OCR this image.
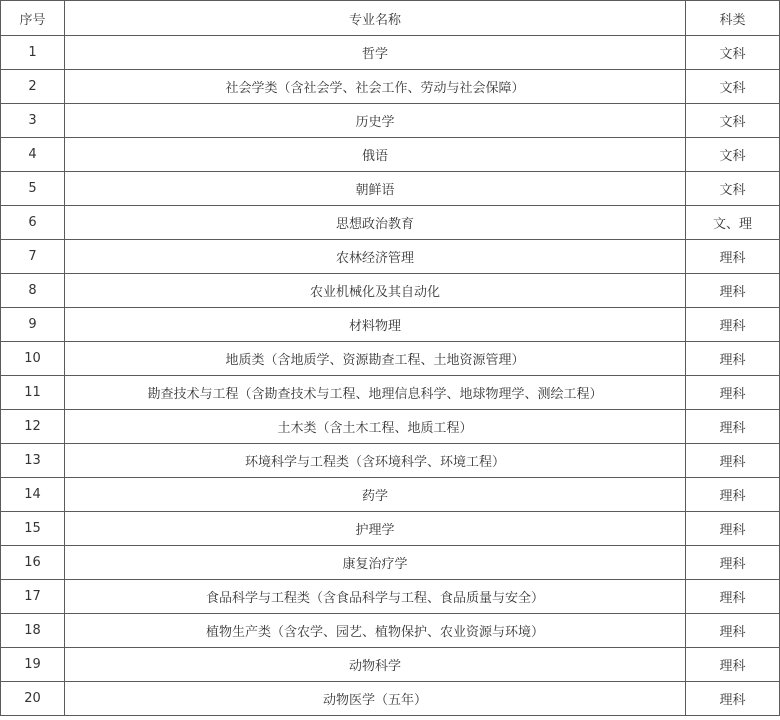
序号	专业名称	科类
1	哲学	文科
2	社会学类（含社会学、社会工作、劳动与社会保障）	文科
3	历史学	文科
4	俄语	文科
5	朝鲜语	文科
6	思想政治教育	文、理
7	农林经济管理	理科
8	农业机械化及其自动化	理科
9	材料物理	理科
10	地质类（含地质学、资源勘查工程、土地资源管理）	理科
11	勘查技术与工程（含勘查技术与工程、地理信息科学、地球物理学、测绘工程）	理科
12	土木类（含土木工程、地质工程）	理科
13	环境科学与工程类（含环境科学、环境工程）	理科
14	药学	理科
15	护理学	理科
16	康复治疗学	理科
17	食品科学与工程类（含食品科学与工程、食品质量与安全）	理科
18	植物生产类（含农学、园艺、植物保护、农业资源与环境）	理科
19	动物科学	理科
20	动物医学（五年）	理科
